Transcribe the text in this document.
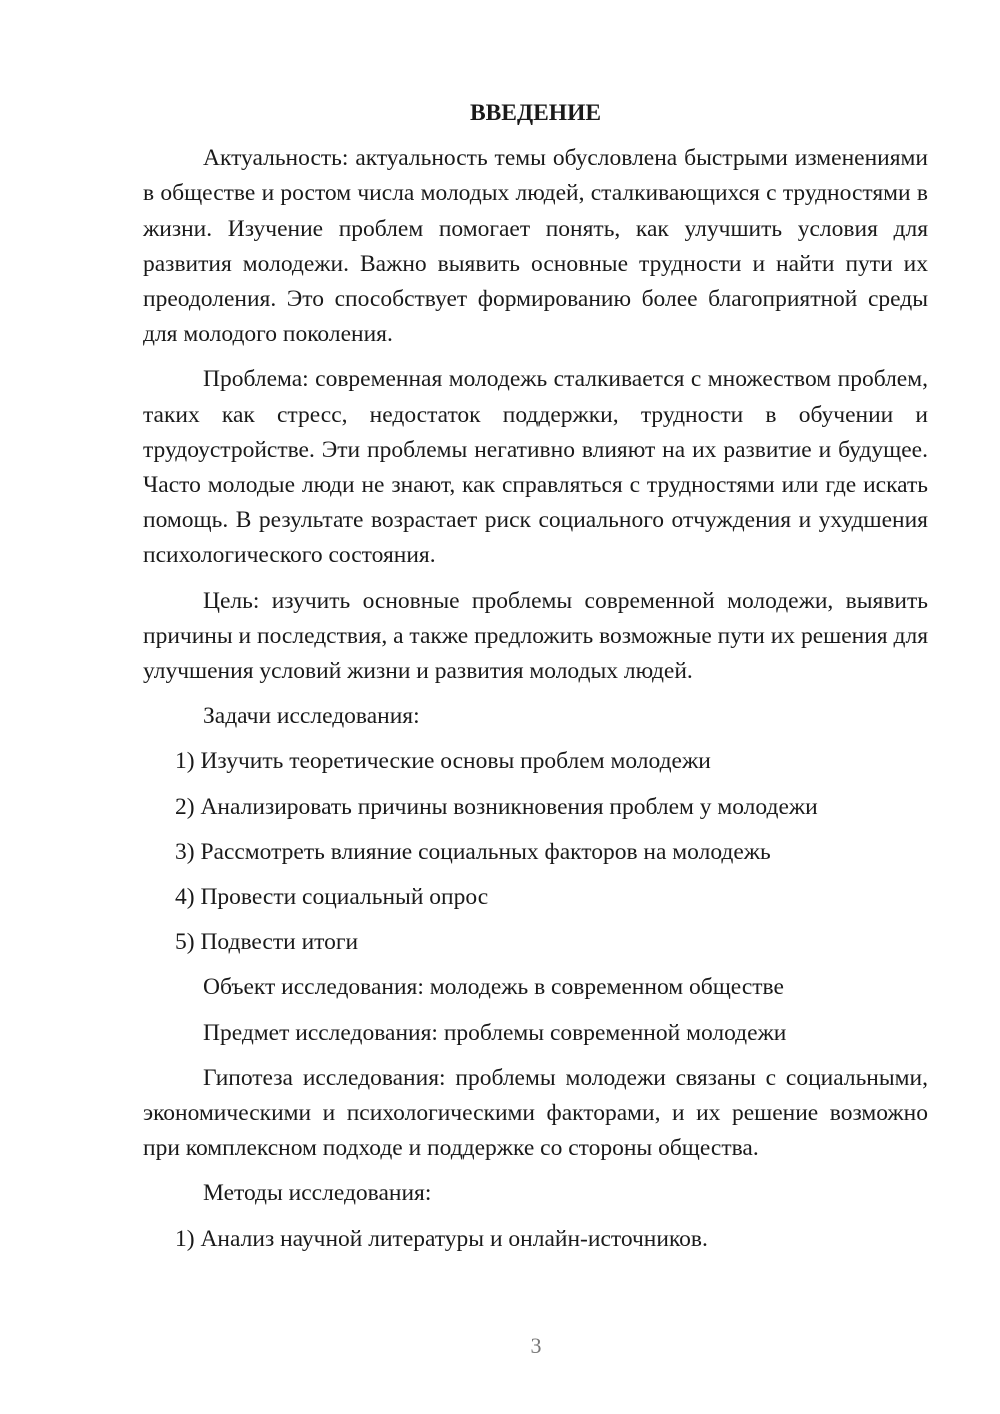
ВВЕДЕНИЕ

Актуальность: актуальность темы обусловлена быстрыми изменениями в обществе и ростом числа молодых людей, сталкивающихся с трудностями в жизни. Изучение проблем помогает понять, как улучшить условия для развития молодежи. Важно выявить основные трудности и найти пути их преодоления. Это способствует формированию более благоприятной среды для молодого поколения.

Проблема: современная молодежь сталкивается с множеством проблем, таких как стресс, недостаток поддержки, трудности в обучении и трудоустройстве. Эти проблемы негативно влияют на их развитие и будущее. Часто молодые люди не знают, как справляться с трудностями или где искать помощь. В результате возрастает риск социального отчуждения и ухудшения психологического состояния.

Цель: изучить основные проблемы современной молодежи, выявить причины и последствия, а также предложить возможные пути их решения для улучшения условий жизни и развития молодых людей.

Задачи исследования:

1) Изучить теоретические основы проблем молодежи

2) Анализировать причины возникновения проблем у молодежи

3) Рассмотреть влияние социальных факторов на молодежь

4) Провести социальный опрос

5) Подвести итоги

Объект исследования: молодежь в современном обществе

Предмет исследования: проблемы современной молодежи

Гипотеза исследования: проблемы молодежи связаны с социальными, экономическими и психологическими факторами, и их решение возможно при комплексном подходе и поддержке со стороны общества.

Методы исследования:

1) Анализ научной литературы и онлайн-источников.

3
